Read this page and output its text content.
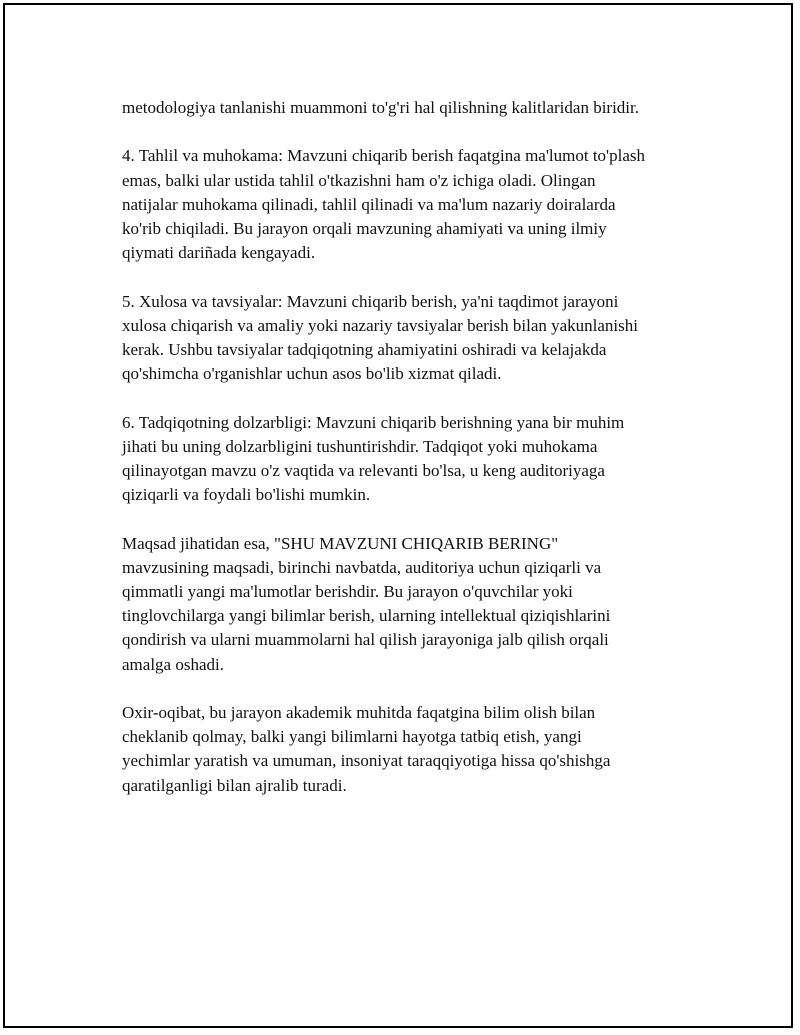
metodologiya tanlanishi muammoni to'g'ri hal qilishning kalitlaridan biridir.

4. Tahlil va muhokama: Mavzuni chiqarib berish faqatgina ma'lumot to'plash
emas, balki ular ustida tahlil o'tkazishni ham o'z ichiga oladi. Olingan
natijalar muhokama qilinadi, tahlil qilinadi va ma'lum nazariy doiralarda
ko'rib chiqiladi. Bu jarayon orqali mavzuning ahamiyati va uning ilmiy
qiymati dariñada kengayadi.

5. Xulosa va tavsiyalar: Mavzuni chiqarib berish, ya'ni taqdimot jarayoni
xulosa chiqarish va amaliy yoki nazariy tavsiyalar berish bilan yakunlanishi
kerak. Ushbu tavsiyalar tadqiqotning ahamiyatini oshiradi va kelajakda
qo'shimcha o'rganishlar uchun asos bo'lib xizmat qiladi.

6. Tadqiqotning dolzarbligi: Mavzuni chiqarib berishning yana bir muhim
jihati bu uning dolzarbligini tushuntirishdir. Tadqiqot yoki muhokama
qilinayotgan mavzu o'z vaqtida va relevanti bo'lsa, u keng auditoriyaga
qiziqarli va foydali bo'lishi mumkin.

Maqsad jihatidan esa, "SHU MAVZUNI CHIQARIB BERING"
mavzusining maqsadi, birinchi navbatda, auditoriya uchun qiziqarli va
qimmatli yangi ma'lumotlar berishdir. Bu jarayon o'quvchilar yoki
tinglovchilarga yangi bilimlar berish, ularning intellektual qiziqishlarini
qondirish va ularni muammolarni hal qilish jarayoniga jalb qilish orqali
amalga oshadi.

Oxir-oqibat, bu jarayon akademik muhitda faqatgina bilim olish bilan
cheklanib qolmay, balki yangi bilimlarni hayotga tatbiq etish, yangi
yechimlar yaratish va umuman, insoniyat taraqqiyotiga hissa qo'shishga
qaratilganligi bilan ajralib turadi.
